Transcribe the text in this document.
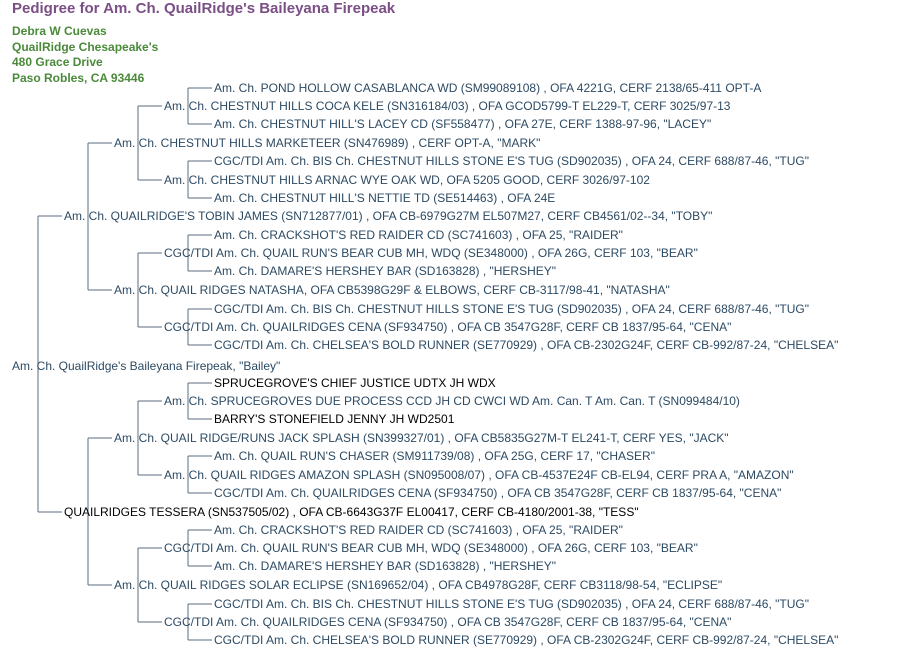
Pedigree for Am. Ch. QuailRidge's Baileyana Firepeak
Debra W Cuevas
QuailRidge Chesapeake's
480 Grace Drive
Paso Robles, CA 93446
Am. Ch. POND HOLLOW CASABLANCA WD (SM99089108) , OFA 4221G, CERF 2138/65-411 OPT-A
Am. Ch. CHESTNUT HILLS COCA KELE (SN316184/03) , OFA GCOD5799-T EL229-T, CERF 3025/97-13
Am. Ch. CHESTNUT HILL'S LACEY CD (SF558477) , OFA 27E, CERF 1388-97-96, "LACEY"
Am. Ch. CHESTNUT HILLS MARKETEER (SN476989) , CERF OPT-A, "MARK"
CGC/TDI Am. Ch. BIS Ch. CHESTNUT HILLS STONE E'S TUG (SD902035) , OFA 24, CERF 688/87-46, "TUG"
Am. Ch. CHESTNUT HILLS ARNAC WYE OAK WD, OFA 5205 GOOD, CERF 3026/97-102
Am. Ch. CHESTNUT HILL'S NETTIE TD (SE514463) , OFA 24E
Am. Ch. QUAILRIDGE'S TOBIN JAMES (SN712877/01) , OFA CB-6979G27M EL507M27, CERF CB4561/02--34, "TOBY"
Am. Ch. CRACKSHOT'S RED RAIDER CD (SC741603) , OFA 25, "RAIDER"
CGC/TDI Am. Ch. QUAIL RUN'S BEAR CUB MH, WDQ (SE348000) , OFA 26G, CERF 103, "BEAR"
Am. Ch. DAMARE'S HERSHEY BAR (SD163828) , "HERSHEY"
Am. Ch. QUAIL RIDGES NATASHA, OFA CB5398G29F & ELBOWS, CERF CB-3117/98-41, "NATASHA"
CGC/TDI Am. Ch. BIS Ch. CHESTNUT HILLS STONE E'S TUG (SD902035) , OFA 24, CERF 688/87-46, "TUG"
CGC/TDI Am. Ch. QUAILRIDGES CENA (SF934750) , OFA CB 3547G28F, CERF CB 1837/95-64, "CENA"
CGC/TDI Am. Ch. CHELSEA'S BOLD RUNNER (SE770929) , OFA CB-2302G24F, CERF CB-992/87-24, "CHELSEA"
Am. Ch. QuailRidge's Baileyana Firepeak, "Bailey"
SPRUCEGROVE'S CHIEF JUSTICE UDTX JH WDX
Am. Ch. SPRUCEGROVES DUE PROCESS CCD JH CD CWCI WD Am. Can. T Am. Can. T (SN099484/10)
BARRY'S STONEFIELD JENNY JH WD2501
Am. Ch. QUAIL RIDGE/RUNS JACK SPLASH (SN399327/01) , OFA CB5835G27M-T EL241-T, CERF YES, "JACK"
Am. Ch. QUAIL RUN'S CHASER (SM911739/08) , OFA 25G, CERF 17, "CHASER"
Am. Ch. QUAIL RIDGES AMAZON SPLASH (SN095008/07) , OFA CB-4537E24F CB-EL94, CERF PRA A, "AMAZON"
CGC/TDI Am. Ch. QUAILRIDGES CENA (SF934750) , OFA CB 3547G28F, CERF CB 1837/95-64, "CENA"
QUAILRIDGES TESSERA (SN537505/02) , OFA CB-6643G37F EL00417, CERF CB-4180/2001-38, "TESS"
Am. Ch. CRACKSHOT'S RED RAIDER CD (SC741603) , OFA 25, "RAIDER"
CGC/TDI Am. Ch. QUAIL RUN'S BEAR CUB MH, WDQ (SE348000) , OFA 26G, CERF 103, "BEAR"
Am. Ch. DAMARE'S HERSHEY BAR (SD163828) , "HERSHEY"
Am. Ch. QUAIL RIDGES SOLAR ECLIPSE (SN169652/04) , OFA CB4978G28F, CERF CB3118/98-54, "ECLIPSE"
CGC/TDI Am. Ch. BIS Ch. CHESTNUT HILLS STONE E'S TUG (SD902035) , OFA 24, CERF 688/87-46, "TUG"
CGC/TDI Am. Ch. QUAILRIDGES CENA (SF934750) , OFA CB 3547G28F, CERF CB 1837/95-64, "CENA"
CGC/TDI Am. Ch. CHELSEA'S BOLD RUNNER (SE770929) , OFA CB-2302G24F, CERF CB-992/87-24, "CHELSEA"
